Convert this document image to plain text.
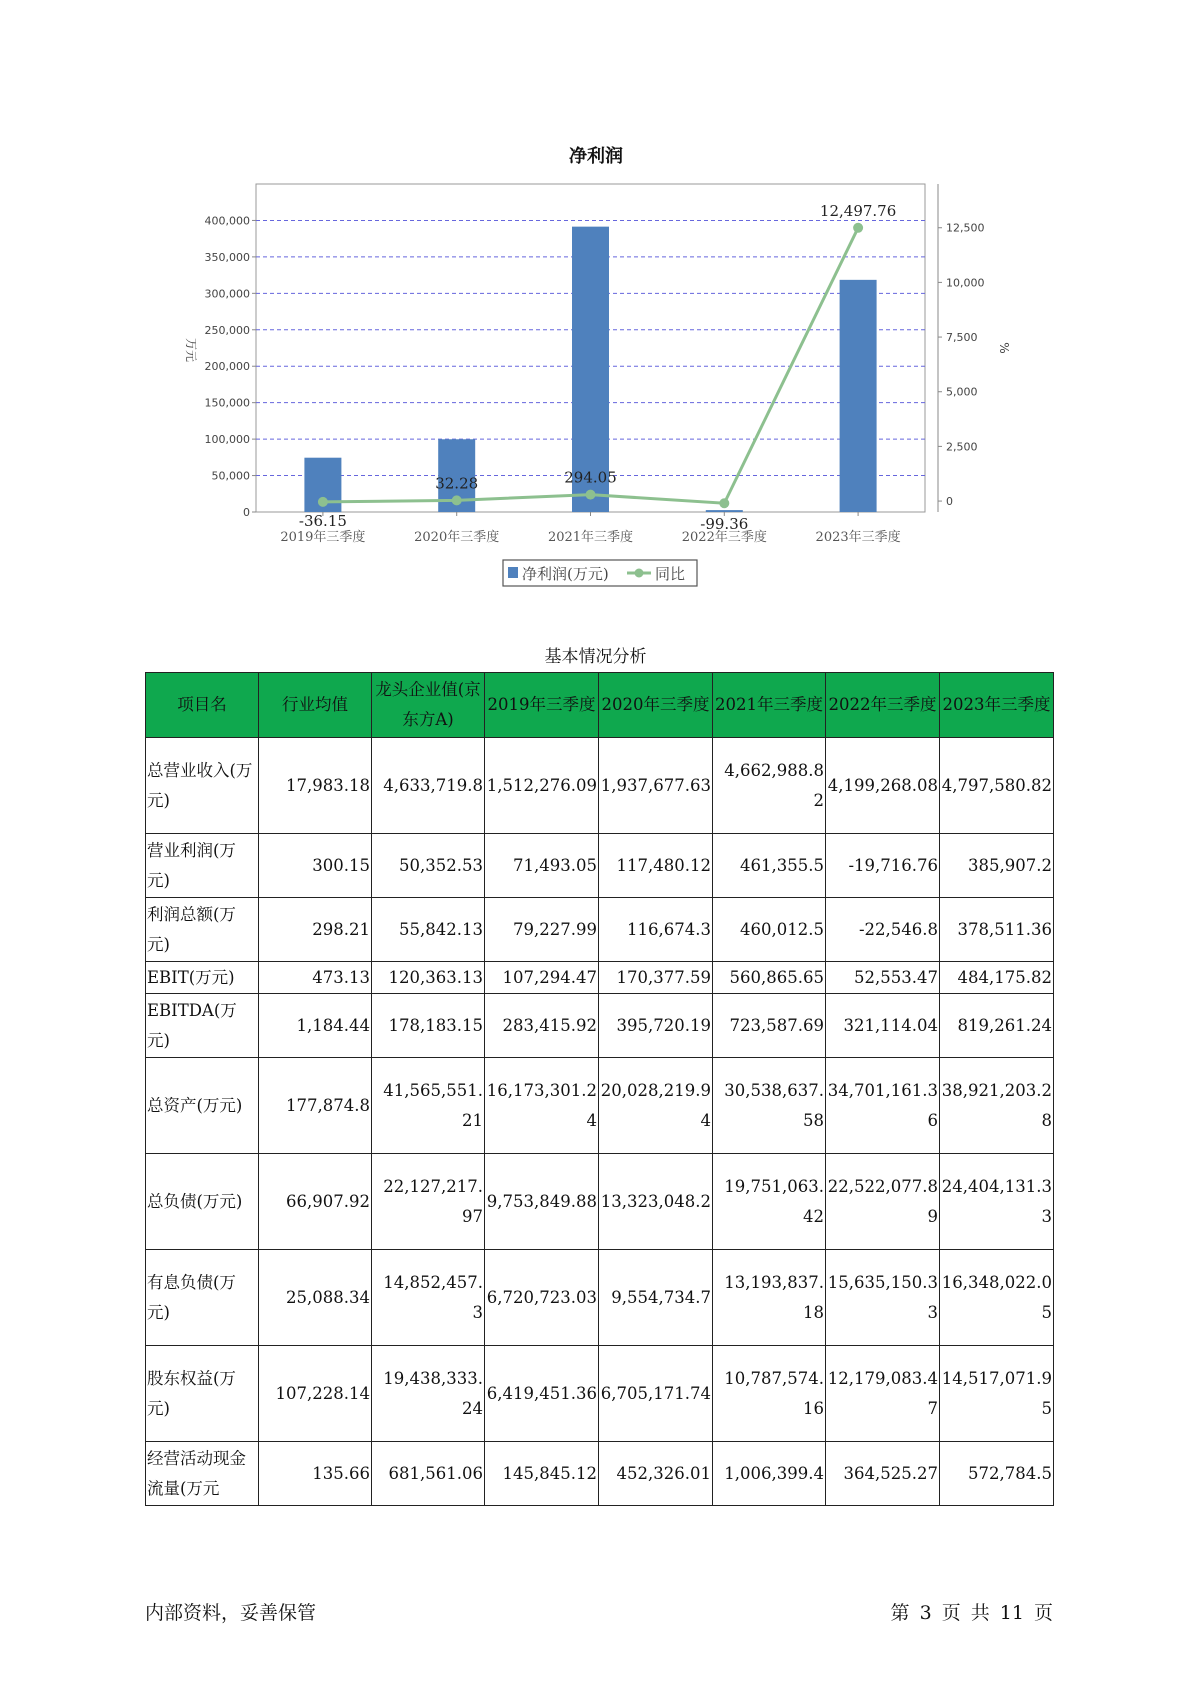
净利润
0
50,000
100,000
150,000
200,000
250,000
300,000
350,000
400,000
0
2,500
5,000
7,500
10,000
12,500
万元	%
2019年三季度	2020年三季度	2021年三季度	2022年三季度	2023年三季度
-36.15
32.28	294.05
-99.36
12,497.76
净利润(万元)	同比
基本情况分析
项目名	行业均值	龙头企业值(京东方A)	2019年三季度	2020年三季度	2021年三季度	2022年三季度	2023年三季度
总营业收入(万元)	17,983.18	4,633,719.8	1,512,276.09	1,937,677.63	4,662,988.82	4,199,268.08	4,797,580.82
营业利润(万元)	300.15	50,352.53	71,493.05	117,480.12	461,355.5	-19,716.76	385,907.2
利润总额(万元)	298.21	55,842.13	79,227.99	116,674.3	460,012.5	-22,546.8	378,511.36
EBIT(万元)	473.13	120,363.13	107,294.47	170,377.59	560,865.65	52,553.47	484,175.82
EBITDA(万元)	1,184.44	178,183.15	283,415.92	395,720.19	723,587.69	321,114.04	819,261.24
总资产(万元)	177,874.8	41,565,551.21	16,173,301.24	20,028,219.94	30,538,637.58	34,701,161.36	38,921,203.28
总负债(万元)	66,907.92	22,127,217.97	9,753,849.88	13,323,048.2	19,751,063.42	22,522,077.89	24,404,131.33
有息负债(万元)	25,088.34	14,852,457.3	6,720,723.03	9,554,734.7	13,193,837.18	15,635,150.33	16,348,022.05
股东权益(万元)	107,228.14	19,438,333.24	6,419,451.36	6,705,171.74	10,787,574.16	12,179,083.47	14,517,071.95
经营活动现金流量(万元	135.66	681,561.06	145,845.12	452,326.01	1,006,399.4	364,525.27	572,784.5
内部资料，妥善保管	第 3 页 共 11 页
